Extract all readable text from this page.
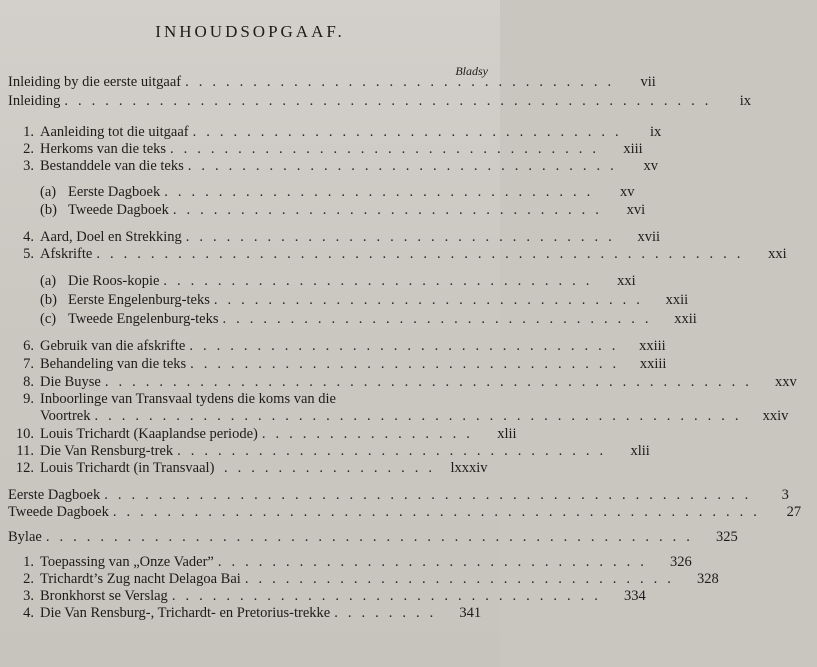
INHOUDSOPGAAF.
Bladsy
Inleiding by die eerste uitgaaf ................................	vii
Inleiding ................................................	ix
1. Aanleiding tot die uitgaaf ................................	ix
2. Herkoms van die teks ................................	xiii
3. Bestanddele van die teks ................................	xv
(a) Eerste Dagboek ................................	xv
(b) Tweede Dagboek ................................	xvi
4. Aard, Doel en Strekking ................................	xvii
5. Afskrifte ................................................	xxi
(a) Die Roos-kopie ................................	xxi
(b) Eerste Engelenburg-teks ................................	xxii
(c) Tweede Engelenburg-teks ................................	xxii
6. Gebruik van die afskrifte ................................ xxiii
7. Behandeling van die teks ................................ xxiii
8. Die Buyse ................................................	xxv
9. Inboorlinge van Transvaal tydens die koms van die
Voortrek ................................................ xxiv
10. Louis Trichardt (Kaaplandse periode) ................	xlii
11. Die Van Rensburg-trek ................................	xlii
12. Louis Trichardt (in Transvaal) ................ lxxxiv
Eerste Dagboek ................................................	3
Tweede Dagboek ................................................	27
Bylae ................................................	325
1. Toepassing van „Onze Vader” ................................	326
2. Trichardt’s Zug nacht Delagoa Bai ................................	328
3. Bronkhorst se Verslag ................................	334
4. Die Van Rensburg-, Trichardt- en Pretorius-trekke ........	341
